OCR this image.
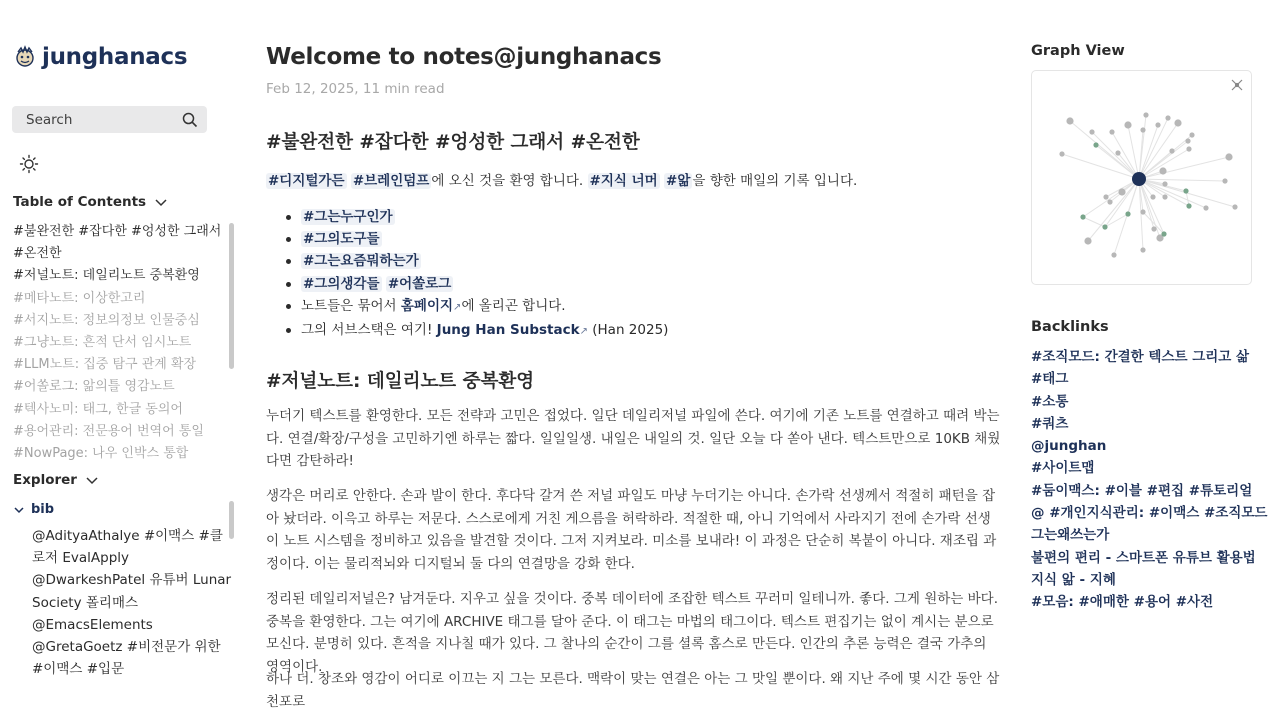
junghanacs
Search
Table of Contents
#불완전한 #잡다한 #엉성한 그래서 #온전한
#저널노트: 데일리노트 중복환영
#메타노트: 이상한고리
#서지노트: 정보의정보 인물중심
#그냥노트: 흔적 단서 임시노트
#LLM노트: 집중 탐구 관계 확장
#어쏠로그: 앎의틀 영감노트
#텍사노미: 태그, 한글 동의어
#용어관리: 전문용어 번역어 통일
#NowPage: 나우 인박스 통합
Explorer
bib
@AdityaAthalye #이맥스 #클로저 EvalApply
@DwarkeshPatel 유튜버 Lunar Society 폴리매스
@EmacsElements
@GretaGoetz #비전문가 위한 #이맥스 #입문
Welcome to notes@junghanacs
Feb 12, 2025, 11 min read
#불완전한 #잡다한 #엉성한 그래서 #온전한

#디지털가든 #브레인덤프 에 오신 것을 환영 합니다. #지식 너머 #앎 을 향한 매일의 기록 입니다.

#그는누구인가
#그의도구들
#그는요즘뭐하는가
#그의생각들 #어쏠로그
노트들은 묶어서 홈페이지↗에 올리곤 합니다.
그의 서브스택은 여기! Jung Han Substack↗ (Han 2025)
#저널노트: 데일리노트 중복환영

누더기 텍스트를 환영한다. 모든 전략과 고민은 접었다. 일단 데일리저널 파일에 쓴다. 여기에 기존 노트를 연결하고 때려 박는다. 연결/확장/구성을 고민하기엔 하루는 짧다. 일일일생. 내일은 내일의 것. 일단 오늘 다 쏟아 낸다. 텍스트만으로 10KB 채웠다면 감탄하라!

생각은 머리로 안한다. 손과 발이 한다. 후다닥 갈겨 쓴 저널 파일도 마냥 누더기는 아니다. 손가락 선생께서 적절히 패턴을 잡아 놨더라. 이윽고 하루는 저문다. 스스로에게 거친 게으름을 허락하라. 적절한 때, 아니 기억에서 사라지기 전에 손가락 선생이 노트 시스템을 정비하고 있음을 발견할 것이다. 그저 지켜보라. 미소를 보내라! 이 과정은 단순히 복붙이 아니다. 재조립 과정이다. 이는 물리적뇌와 디지털뇌 둘 다의 연결망을 강화 한다.

정리된 데일리저널은? 남겨둔다. 지우고 싶을 것이다. 중복 데이터에 조잡한 텍스트 꾸러미 일테니까. 좋다. 그게 원하는 바다. 중복을 환영한다. 그는 여기에 ARCHIVE 태그를 달아 준다. 이 태그는 마법의 태그이다. 텍스트 편집기는 없이 계시는 분으로 모신다. 분명히 있다. 흔적을 지나칠 때가 있다. 그 찰나의 순간이 그를 셜록 홈스로 만든다. 인간의 추론 능력은 결국 가추의 영역이다.

하나 더. 창조와 영감이 어디로 이끄는 지 그는 모른다. 맥락이 맞는 연결은 아는 그 맛일 뿐이다. 왜 지난 주에 몇 시간 동안 삼천포로

Graph View
Backlinks
#조직모드: 간결한 텍스트 그리고 삶
#태그
#소통
#쿼츠
@junghan
#사이트맵
#둠이맥스: #이블 #편집 #튜토리얼
@ #개인지식관리: #이맥스 #조직모드
그는왜쓰는가
불편의 편리 - 스마트폰 유튜브 활용법
지식 앎 - 지혜
#모음: #애매한 #용어 #사전
